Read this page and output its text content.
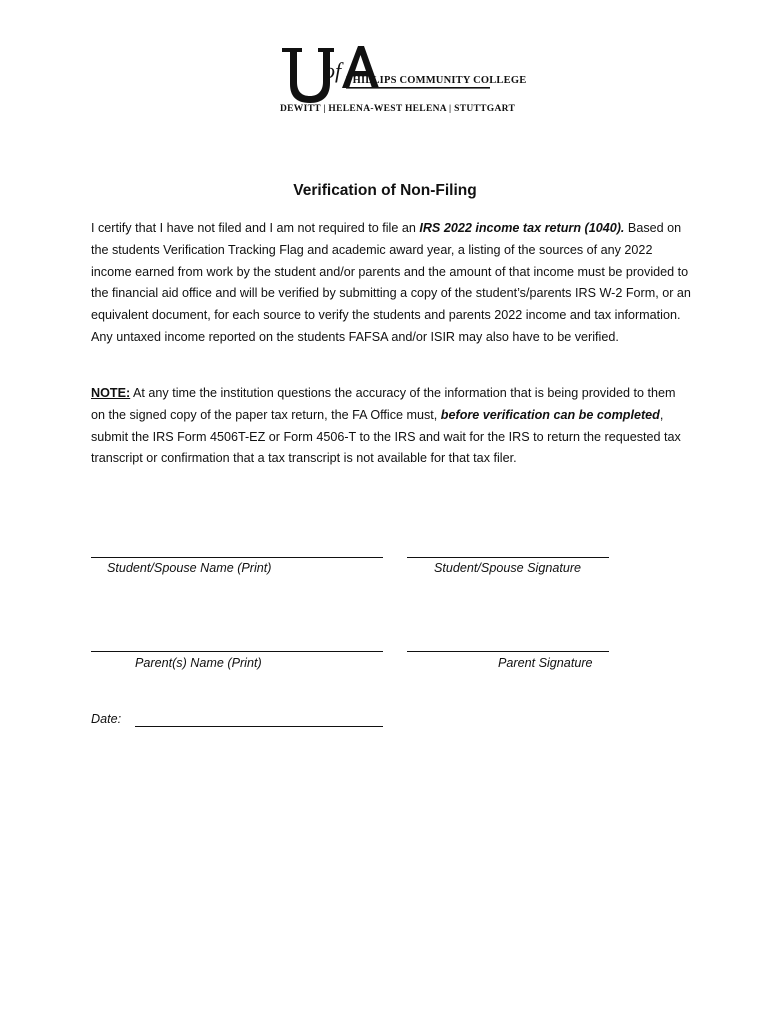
of PHILLIPS COMMUNITY COLLEGE
DEWITT | HELENA-WEST HELENA | STUTTGART
Verification of Non-Filing

I certify that I have not filed and I am not required to file an IRS 2022 income tax return (1040). Based on the students Verification Tracking Flag and academic award year, a listing of the sources of any 2022 income earned from work by the student and/or parents and the amount of that income must be provided to the financial aid office and will be verified by submitting a copy of the student’s/parents IRS W-2 Form, or an equivalent document, for each source to verify the students and parents 2022 income and tax information. Any untaxed income reported on the students FAFSA and/or ISIR may also have to be verified.

NOTE: At any time the institution questions the accuracy of the information that is being provided to them on the signed copy of the paper tax return, the FA Office must, before verification can be completed, submit the IRS Form 4506T-EZ or Form 4506-T to the IRS and wait for the IRS to return the requested tax transcript or confirmation that a tax transcript is not available for that tax filer.

Student/Spouse Name (Print)	Student/Spouse Signature
Parent(s) Name (Print)	Parent Signature
Date:
